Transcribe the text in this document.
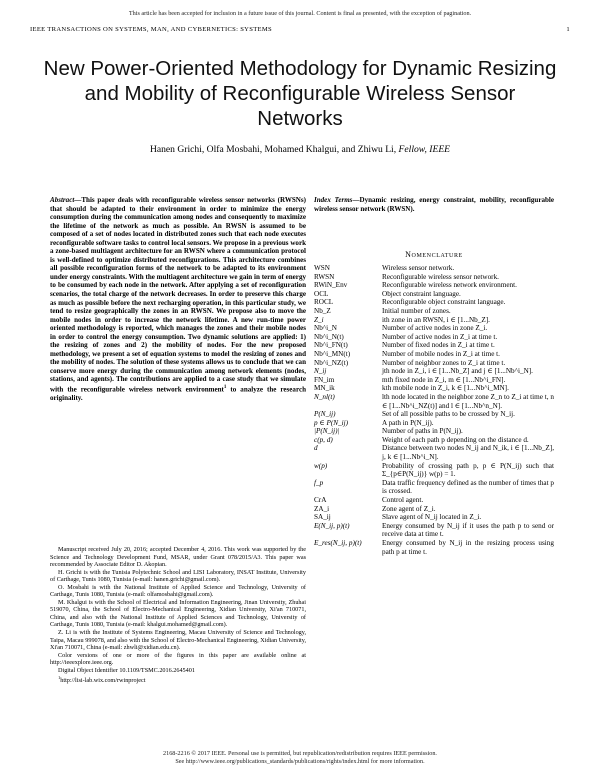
This article has been accepted for inclusion in a future issue of this journal. Content is final as presented, with the exception of pagination.
IEEE TRANSACTIONS ON SYSTEMS, MAN, AND CYBERNETICS: SYSTEMS	1
New Power-Oriented Methodology for Dynamic Resizing and Mobility of Reconfigurable Wireless Sensor Networks
Hanen Grichi, Olfa Mosbahi, Mohamed Khalgui, and Zhiwu Li, Fellow, IEEE
Abstract—This paper deals with reconfigurable wireless sensor networks (RWSNs) that should be adapted to their environment in order to minimize the energy consumption during the communication among nodes and consequently to maximize the lifetime of the network as much as possible. An RWSN is assumed to be composed of a set of nodes located in distributed zones such that each node executes reconfigurable software tasks to control local sensors. We propose in a previous work a zone-based multiagent architecture for an RWSN where a communication protocol is well-defined to optimize distributed reconfigurations. This architecture combines all possible reconfiguration forms of the network to be adapted to its environment under energy constraints. With the multiagent architecture we gain in term of energy to be consumed by each node in the network. After applying a set of reconfiguration scenarios, the total charge of the network decreases. In order to preserve this charge as much as possible before the next recharging operation, in this particular study, we tend to resize geographically the zones in an RWSN. We propose also to move the mobile nodes in order to increase the network lifetime. A new run-time power oriented methodology is reported, which manages the zones and their mobile nodes in order to control the energy consumption. Two dynamic solutions are applied: 1) the resizing of zones and 2) the mobility of nodes. For the new proposed methodology, we present a set of equation systems to model the resizing of zones and the mobility of nodes. The solution of these systems allows us to conclude that we can conserve more energy during the communication among network elements (nodes, stations, and agents). The contributions are applied to a case study that we simulate with the reconfigurable wireless network environment$^1$ to analyze the research originality.

Manuscript received July 20, 2016; accepted December 4, 2016. This work was supported by the Science and Technology Development Fund, MSAR, under Grant 078/2015/A3. This paper was recommended by Associate Editor D. Akopian.

H. Grichi is with the Tunisia Polytechnic School and LISI Laboratory, INSAT Institute, University of Carthage, Tunis 1080, Tunisia (e-mail: hanen.grichi@gmail.com).

O. Mosbahi is with the National Institute of Applied Science and Technology, University of Carthage, Tunis 1080, Tunisia (e-mail: olfamosbahi@gmail.com).

M. Khalgui is with the School of Electrical and Information Engineering, Jinan University, Zhuhai 519070, China, the School of Electro-Mechanical Engineering, Xidian University, Xi'an 710071, China, and also with the National Institute of Applied Sciences and Technology, University of Carthage, Tunis 1080, Tunisia (e-mail: khalgui.mohamed@gmail.com).

Z. Li is with the Institute of Systems Engineering, Macau University of Science and Technology, Taipa, Macau 999078, and also with the School of Electro-Mechanical Engineering, Xidian University, Xi'an 710071, China (e-mail: zhwli@xidian.edu.cn).

Color versions of one or more of the figures in this paper are available online at http://ieeexplore.ieee.org.

Digital Object Identifier 10.1109/TSMC.2016.2645401

$^1$http://lisi-lab.wix.com/rwinproject

Index Terms—Dynamic resizing, energy constraint, mobility, reconfigurable wireless sensor network (RWSN).
Nomenclature
WSN	Wireless sensor network.
RWSN	Reconfigurable wireless sensor network.
RWiN_Env	Reconfigurable wireless network environment.
OCL	Object constraint language.
ROCL	Reconfigurable object constraint language.
Nb_Z	Initial number of zones.
Z_i	ith zone in an RWSN, i ∈ [1...Nb_Z].
Nb^i_N	Number of active nodes in zone Z_i.
Nb^i_N(t)	Number of active nodes in Z_i at time t.
Nb^i_FN(t)	Number of fixed nodes in Z_i at time t.
Nb^i_MN(t)	Number of mobile nodes in Z_i at time t.
Nb^i_NZ(t)	Number of neighbor zones to Z_i at time t.
N_ij	jth node in Z_i, i ∈ [1...Nb_Z] and j ∈ [1...Nb^i_N].
FN_im	mth fixed node in Z_i, m ∈ [1...Nb^i_FN].
MN_ik	kth mobile node in Z_i, k ∈ [1...Nb^i_MN].
N_nl(t)	lth node located in the neighbor zone Z_n to Z_i at time t, n ∈ [1...Nb^i_NZ(t)] and l ∈ [1...Nb^n_N].
P(N_ij)	Set of all possible paths to be crossed by N_ij.
p ∈ P(N_ij)	A path in P(N_ij).
|P(N_ij)|	Number of paths in P(N_ij).
c(p, d)	Weight of each path p depending on the distance d.
d	Distance between two nodes N_ij and N_ik, i ∈ [1...Nb_Z], j, k ∈ [1...Nb^i_N].
w(p)	Probability of crossing path p, p ∈ P(N_ij) such that Σ_{p∈P(N_ij)} w(p) = 1.
f_p	Data traffic frequency defined as the number of times that p is crossed.
CrA	Control agent.
ZA_i	Zone agent of Z_i.
SA_ij	Slave agent of N_ij located in Z_i.
E(N_ij, p)(t)	Energy consumed by N_ij if it uses the path p to send or receive data at time t.
E_res(N_ij, p)(t)	Energy consumed by N_ij in the resizing process using path p at time t.
2168-2216 © 2017 IEEE. Personal use is permitted, but republication/redistribution requires IEEE permission.
See http://www.ieee.org/publications_standards/publications/rights/index.html for more information.
